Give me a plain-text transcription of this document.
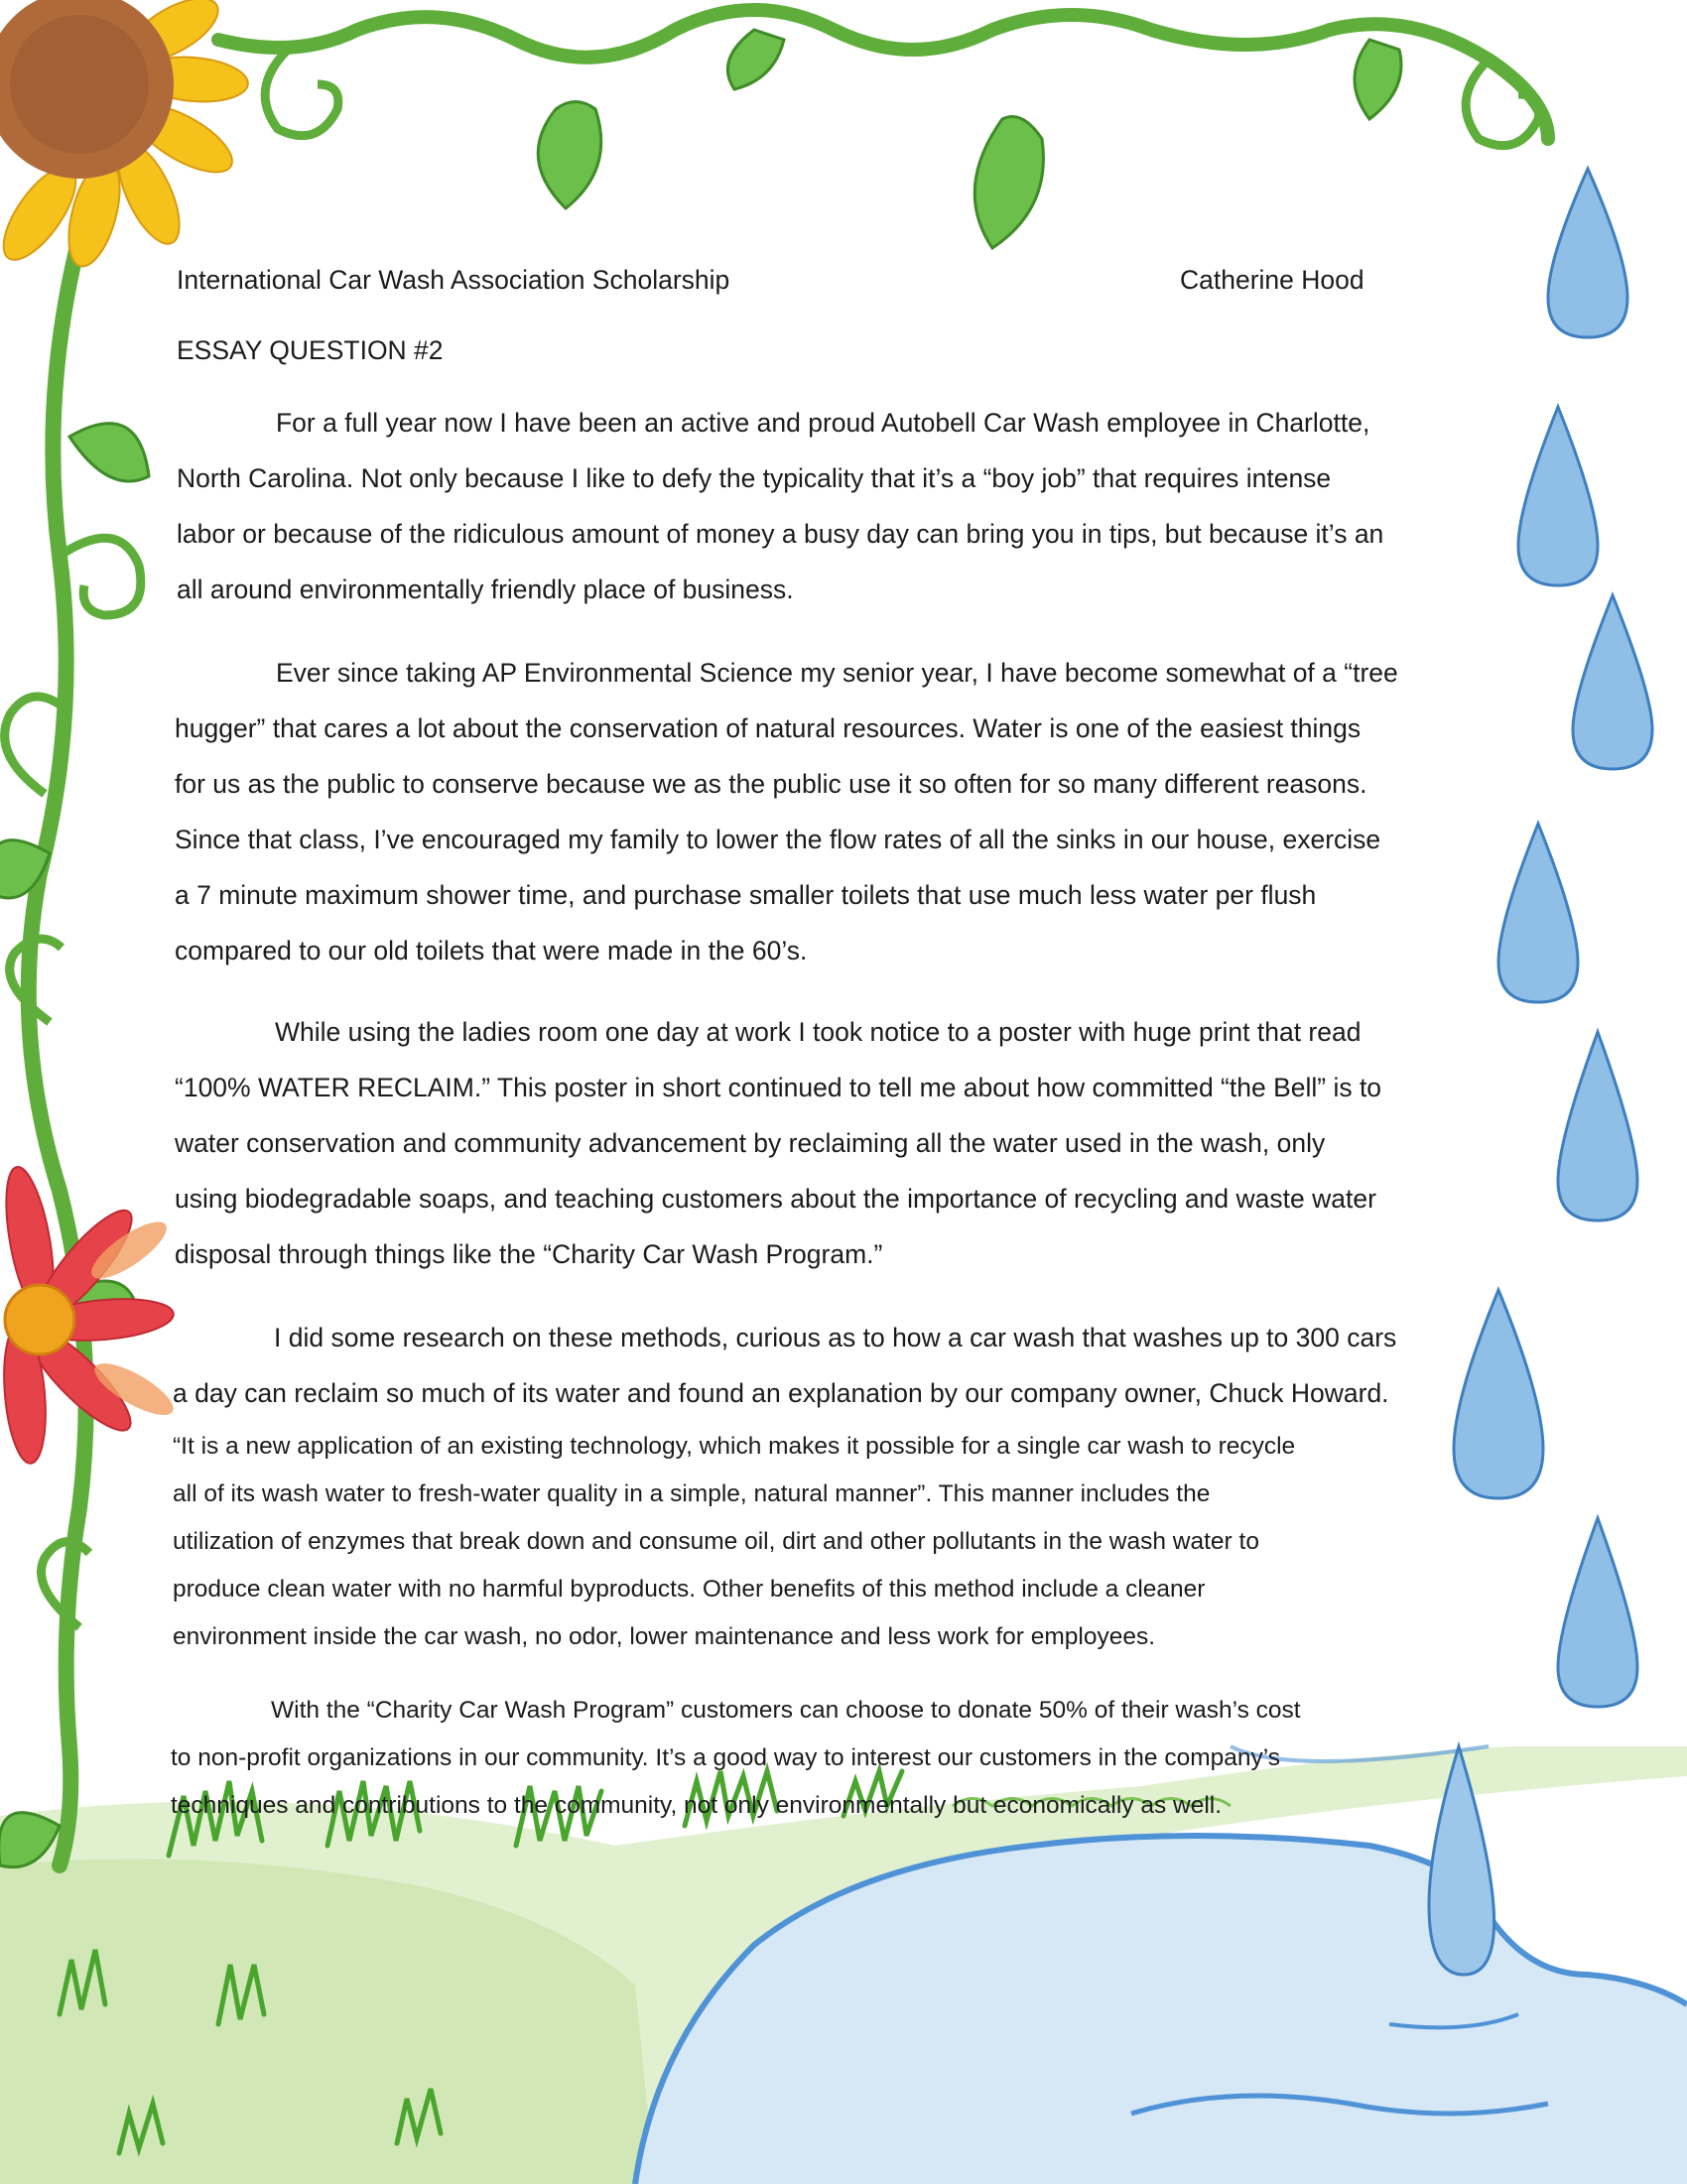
International Car Wash Association Scholarship	Catherine Hood
ESSAY QUESTION #2
For a full year now I have been an active and proud Autobell Car Wash employee in Charlotte,
North Carolina. Not only because I like to defy the typicality that it’s a “boy job” that requires intense
labor or because of the ridiculous amount of money a busy day can bring you in tips, but because it’s an
all around environmentally friendly place of business.
Ever since taking AP Environmental Science my senior year, I have become somewhat of a “tree
hugger” that cares a lot about the conservation of natural resources. Water is one of the easiest things
for us as the public to conserve because we as the public use it so often for so many different reasons.
Since that class, I’ve encouraged my family to lower the flow rates of all the sinks in our house, exercise
a 7 minute maximum shower time, and purchase smaller toilets that use much less water per flush
compared to our old toilets that were made in the 60’s.
While using the ladies room one day at work I took notice to a poster with huge print that read
“100% WATER RECLAIM.” This poster in short continued to tell me about how committed “the Bell” is to
water conservation and community advancement by reclaiming all the water used in the wash, only
using biodegradable soaps, and teaching customers about the importance of recycling and waste water
disposal through things like the “Charity Car Wash Program.”
I did some research on these methods, curious as to how a car wash that washes up to 300 cars
a day can reclaim so much of its water and found an explanation by our company owner, Chuck Howard.
“It is a new application of an existing technology, which makes it possible for a single car wash to recycle
all of its wash water to fresh-water quality in a simple, natural manner”. This manner includes the
utilization of enzymes that break down and consume oil, dirt and other pollutants in the wash water to
produce clean water with no harmful byproducts. Other benefits of this method include a cleaner
environment inside the car wash, no odor, lower maintenance and less work for employees.
With the “Charity Car Wash Program” customers can choose to donate 50% of their wash’s cost
to non-profit organizations in our community. It’s a good way to interest our customers in the company’s
techniques and contributions to the community, not only environmentally but economically as well.
